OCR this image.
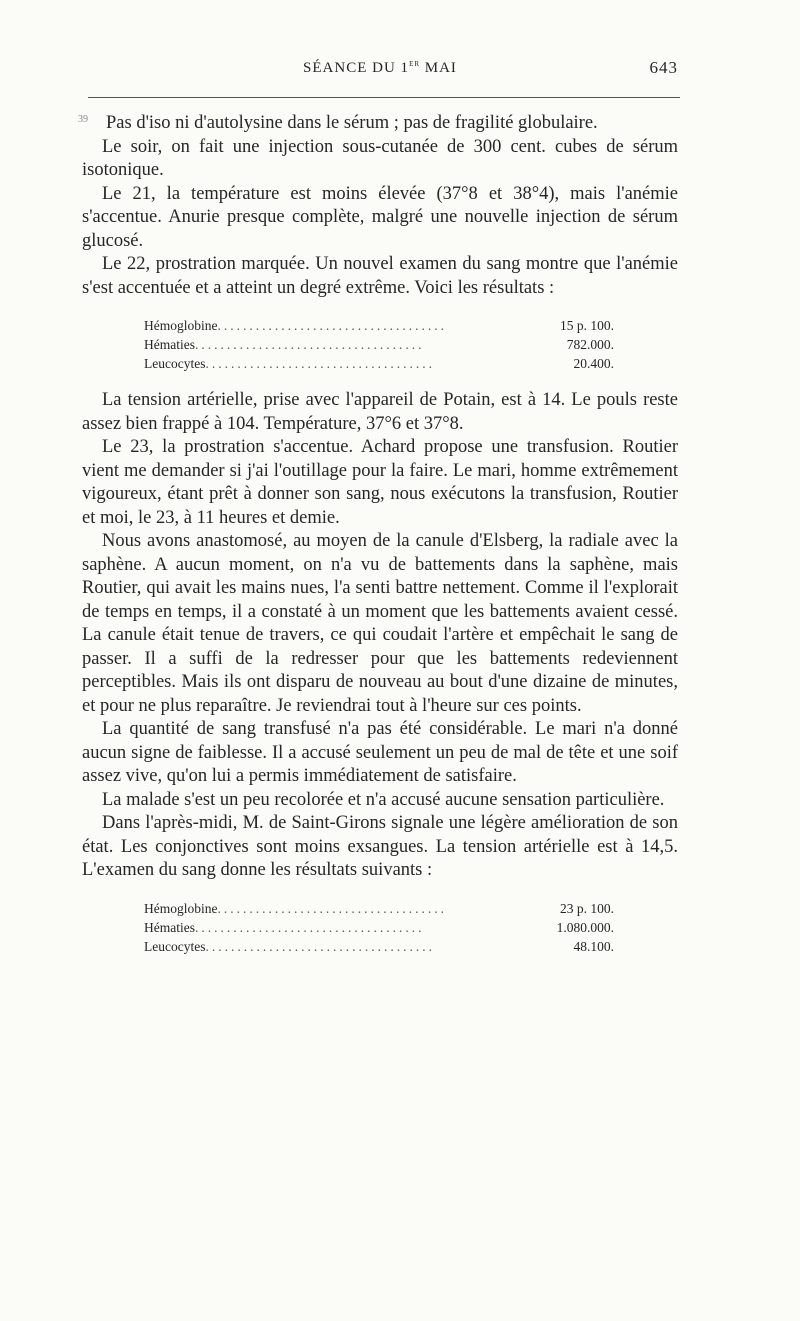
SÉANCE DU 1er MAI	643
39 Pas d'iso ni d'autolysine dans le sérum ; pas de fragilité globulaire.

Le soir, on fait une injection sous-cutanée de 300 cent. cubes de sérum isotonique.

Le 21, la température est moins élevée (37°8 et 38°4), mais l'anémie s'accentue. Anurie presque complète, malgré une nouvelle injection de sérum glucosé.

Le 22, prostration marquée. Un nouvel examen du sang montre que l'anémie s'est accentuée et a atteint un degré extrême. Voici les résultats :

Hémoglobine....................................	15 p. 100.
Hématies....................................	782.000.
Leucocytes....................................	20.400.

La tension artérielle, prise avec l'appareil de Potain, est à 14. Le pouls reste assez bien frappé à 104. Température, 37°6 et 37°8.

Le 23, la prostration s'accentue. Achard propose une transfusion. Routier vient me demander si j'ai l'outillage pour la faire. Le mari, homme extrêmement vigoureux, étant prêt à donner son sang, nous exécutons la transfusion, Routier et moi, le 23, à 11 heures et demie.

Nous avons anastomosé, au moyen de la canule d'Elsberg, la radiale avec la saphène. A aucun moment, on n'a vu de battements dans la saphène, mais Routier, qui avait les mains nues, l'a senti battre nettement. Comme il l'explorait de temps en temps, il a constaté à un moment que les battements avaient cessé. La canule était tenue de travers, ce qui coudait l'artère et empêchait le sang de passer. Il a suffi de la redresser pour que les battements redeviennent perceptibles. Mais ils ont disparu de nouveau au bout d'une dizaine de minutes, et pour ne plus reparaître. Je reviendrai tout à l'heure sur ces points.

La quantité de sang transfusé n'a pas été considérable. Le mari n'a donné aucun signe de faiblesse. Il a accusé seulement un peu de mal de tête et une soif assez vive, qu'on lui a permis immédiatement de satisfaire.

La malade s'est un peu recolorée et n'a accusé aucune sensation particulière.

Dans l'après-midi, M. de Saint-Girons signale une légère amélioration de son état. Les conjonctives sont moins exsangues. La tension artérielle est à 14,5. L'examen du sang donne les résultats suivants :

Hémoglobine....................................	23 p. 100.
Hématies....................................	1.080.000.
Leucocytes....................................	48.100.
